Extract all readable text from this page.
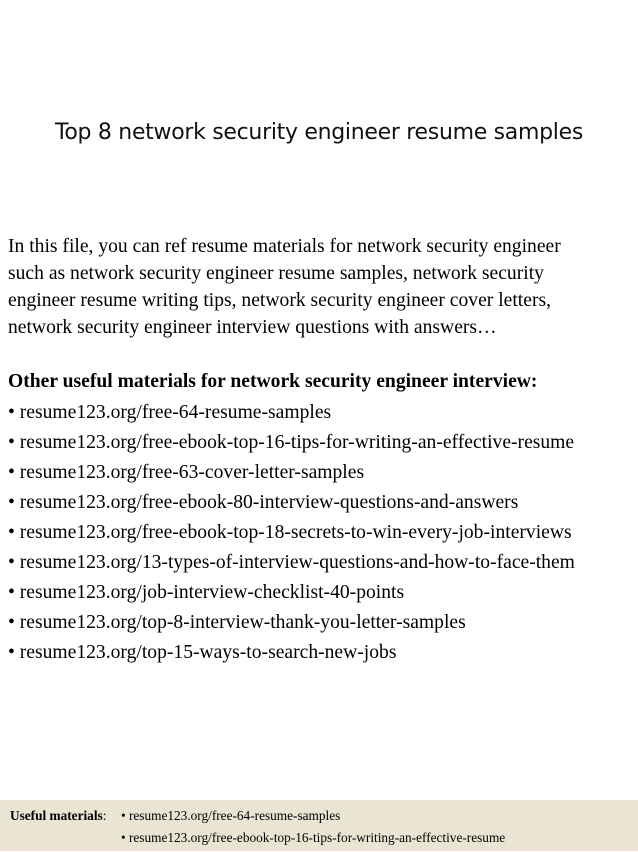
Top 8 network security engineer resume samples
In this file, you can ref resume materials for network security engineer
such as network security engineer resume samples, network security
engineer resume writing tips, network security engineer cover letters,
network security engineer interview questions with answers…
Other useful materials for network security engineer interview:
• resume123.org/free-64-resume-samples
• resume123.org/free-ebook-top-16-tips-for-writing-an-effective-resume
• resume123.org/free-63-cover-letter-samples
• resume123.org/free-ebook-80-interview-questions-and-answers
• resume123.org/free-ebook-top-18-secrets-to-win-every-job-interviews
• resume123.org/13-types-of-interview-questions-and-how-to-face-them
• resume123.org/job-interview-checklist-40-points
• resume123.org/top-8-interview-thank-you-letter-samples
• resume123.org/top-15-ways-to-search-new-jobs
Useful materials: • resume123.org/free-64-resume-samples
• resume123.org/free-ebook-top-16-tips-for-writing-an-effective-resume
